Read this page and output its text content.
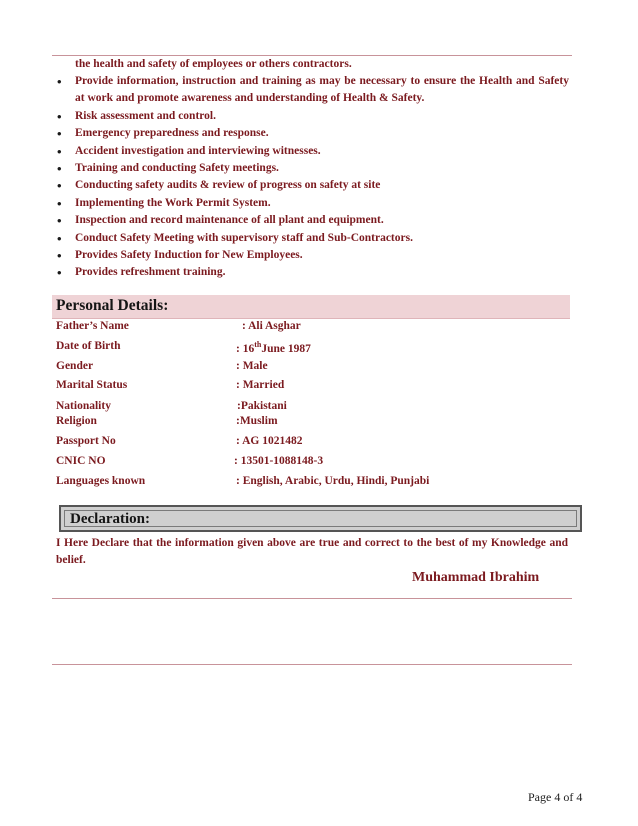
the health and safety of employees or others contractors.
• Provide information, instruction and training as may be necessary to ensure the Health and Safety at work and promote awareness and understanding of Health & Safety.
• Risk assessment and control.
• Emergency preparedness and response.
• Accident investigation and interviewing witnesses.
• Training and conducting Safety meetings.
• Conducting safety audits & review of progress on safety at site
• Implementing the Work Permit System.
• Inspection and record maintenance of all plant and equipment.
• Conduct Safety Meeting with supervisory staff and Sub-Contractors.
• Provides Safety Induction for New Employees.
• Provides refreshment training.
Personal Details:
Father’s Name	: Ali Asghar
Date of Birth	: 16thJune 1987
Gender	: Male
Marital Status	: Married
Nationality	:Pakistani
Religion	:Muslim
Passport No	: AG 1021482
CNIC NO	: 13501-1088148-3
Languages known	: English, Arabic, Urdu, Hindi, Punjabi
Declaration:
I Here Declare that the information given above are true and correct to the best of my Knowledge and belief.
Muhammad Ibrahim
Page 4 of 4
